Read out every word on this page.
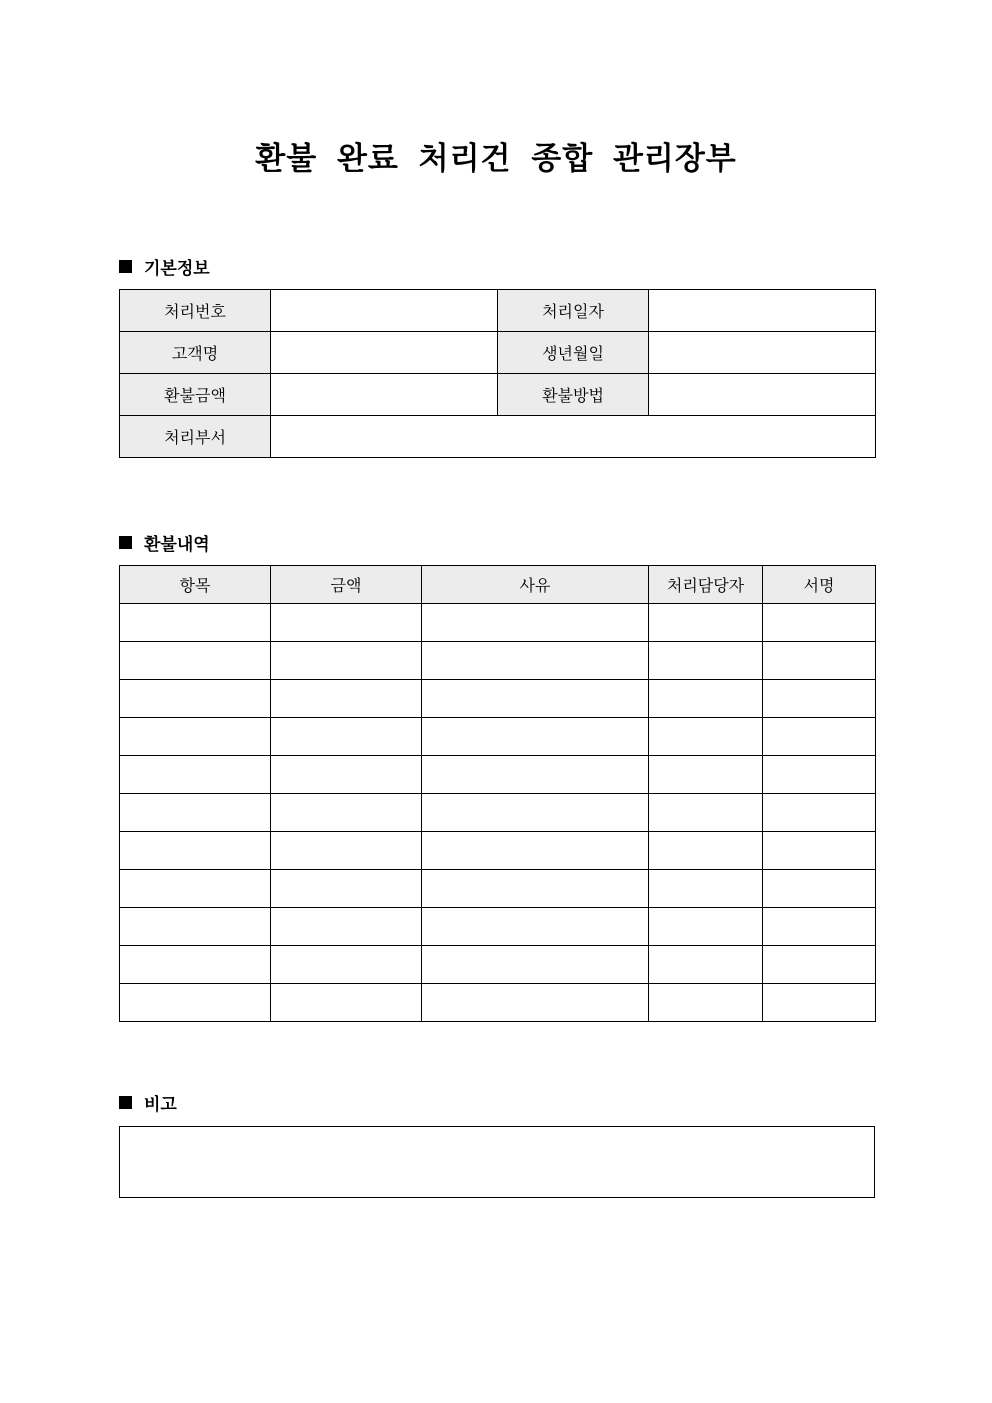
환불 완료 처리건 종합 관리장부
기본정보
처리번호		처리일자	
고객명		생년월일	
환불금액		환불방법	
처리부서			
환불내역
항목	금액	사유	처리담당자	서명

비고
